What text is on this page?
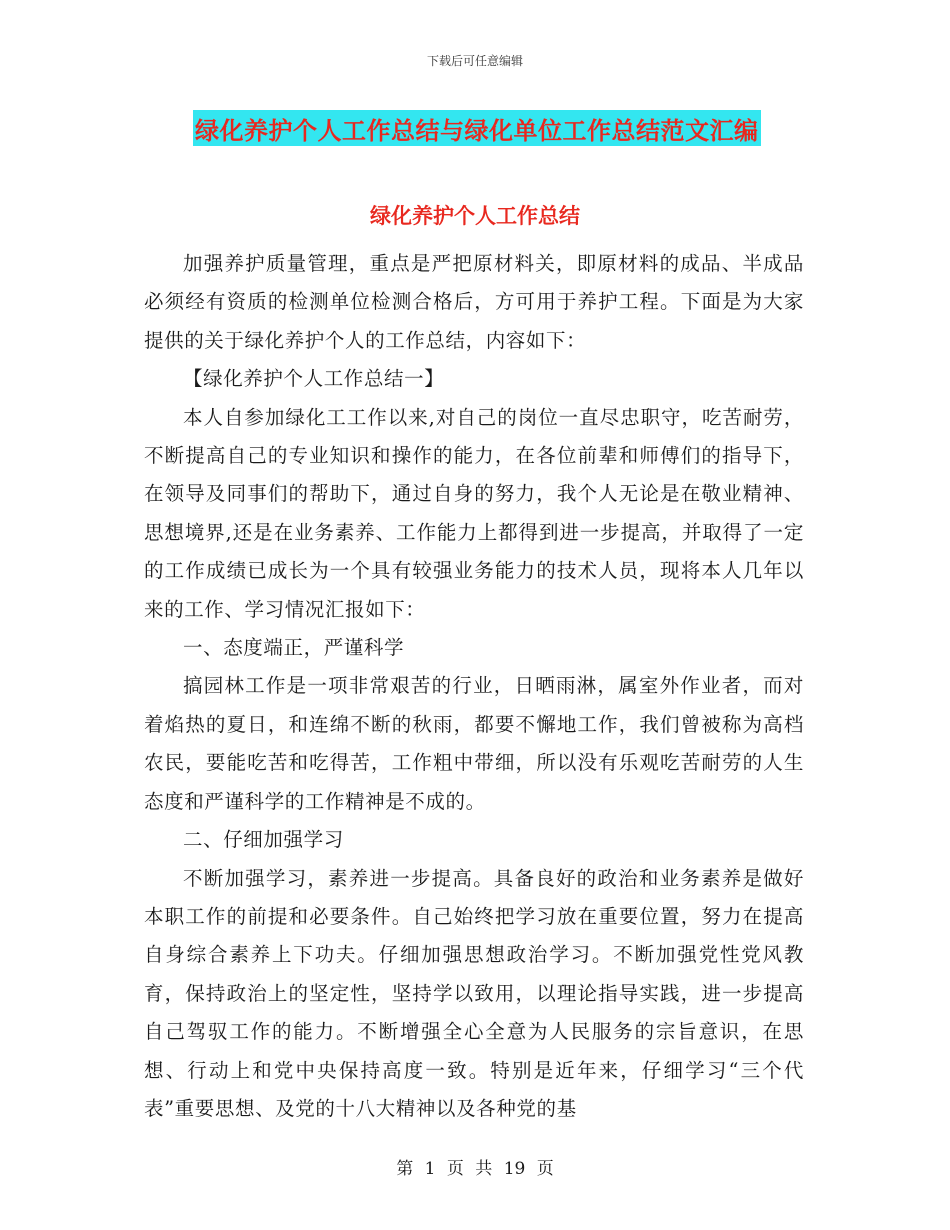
下载后可任意编辑
绿化养护个人工作总结与绿化单位工作总结范文汇编
绿化养护个人工作总结

加强养护质量管理，重点是严把原材料关，即原材料的成品、半成品必须经有资质的检测单位检测合格后，方可用于养护工程。下面是为大家提供的关于绿化养护个人的工作总结，内容如下：

【绿化养护个人工作总结一】

本人自参加绿化工工作以来,对自己的岗位一直尽忠职守，吃苦耐劳，不断提高自己的专业知识和操作的能力，在各位前辈和师傅们的指导下，在领导及同事们的帮助下，通过自身的努力，我个人无论是在敬业精神、思想境界,还是在业务素养、工作能力上都得到进一步提高，并取得了一定的工作成绩已成长为一个具有较强业务能力的技术人员，现将本人几年以来的工作、学习情况汇报如下：

一、态度端正，严谨科学

搞园林工作是一项非常艰苦的行业，日晒雨淋，属室外作业者，而对着焰热的夏日，和连绵不断的秋雨，都要不懈地工作，我们曾被称为高档农民，要能吃苦和吃得苦，工作粗中带细，所以没有乐观吃苦耐劳的人生态度和严谨科学的工作精神是不成的。

二、仔细加强学习

不断加强学习，素养进一步提高。具备良好的政治和业务素养是做好本职工作的前提和必要条件。自己始终把学习放在重要位置，努力在提高自身综合素养上下功夫。仔细加强思想政治学习。不断加强党性党风教育，保持政治上的坚定性，坚持学以致用，以理论指导实践，进一步提高自己驾驭工作的能力。不断增强全心全意为人民服务的宗旨意识，在思想、行动上和党中央保持高度一致。特别是近年来，仔细学习“三个代表”重要思想、及党的十八大精神以及各种党的基

第 1 页 共 19 页
